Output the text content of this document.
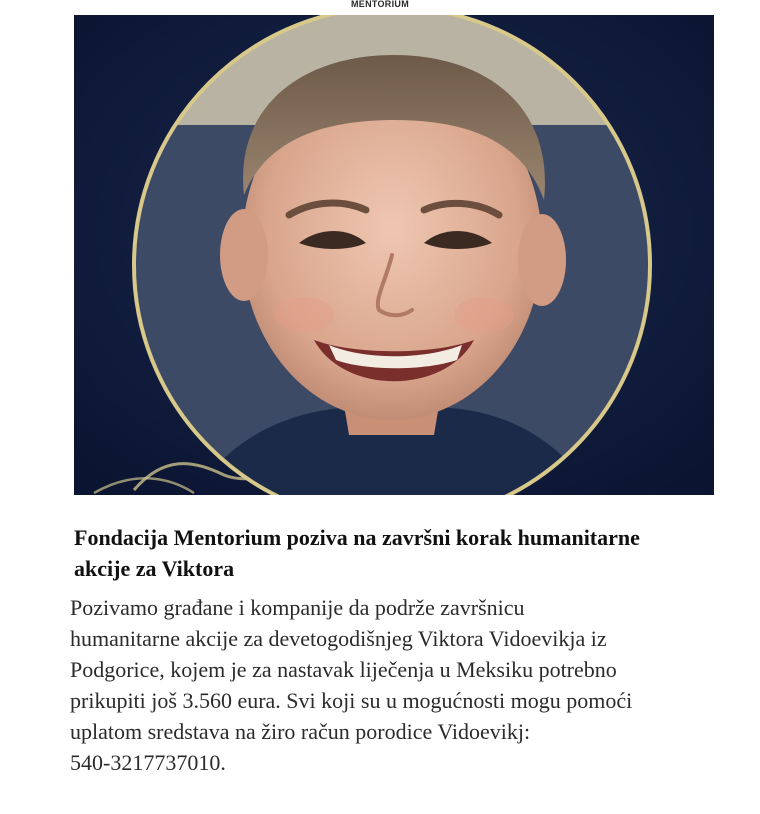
MENTORIUM
Fondacija Mentorium poziva na završni korak humanitarne
akcije za Viktora

Pozivamo građane i kompanije da podrže završnicu
humanitarne akcije za devetogodišnjeg Viktora Vidoevikja iz
Podgorice, kojem je za nastavak liječenja u Meksiku potrebno
prikupiti još 3.560 eura. Svi koji su u mogućnosti mogu pomoći
uplatom sredstava na žiro račun porodice Vidoevikj:
540-3217737010.
